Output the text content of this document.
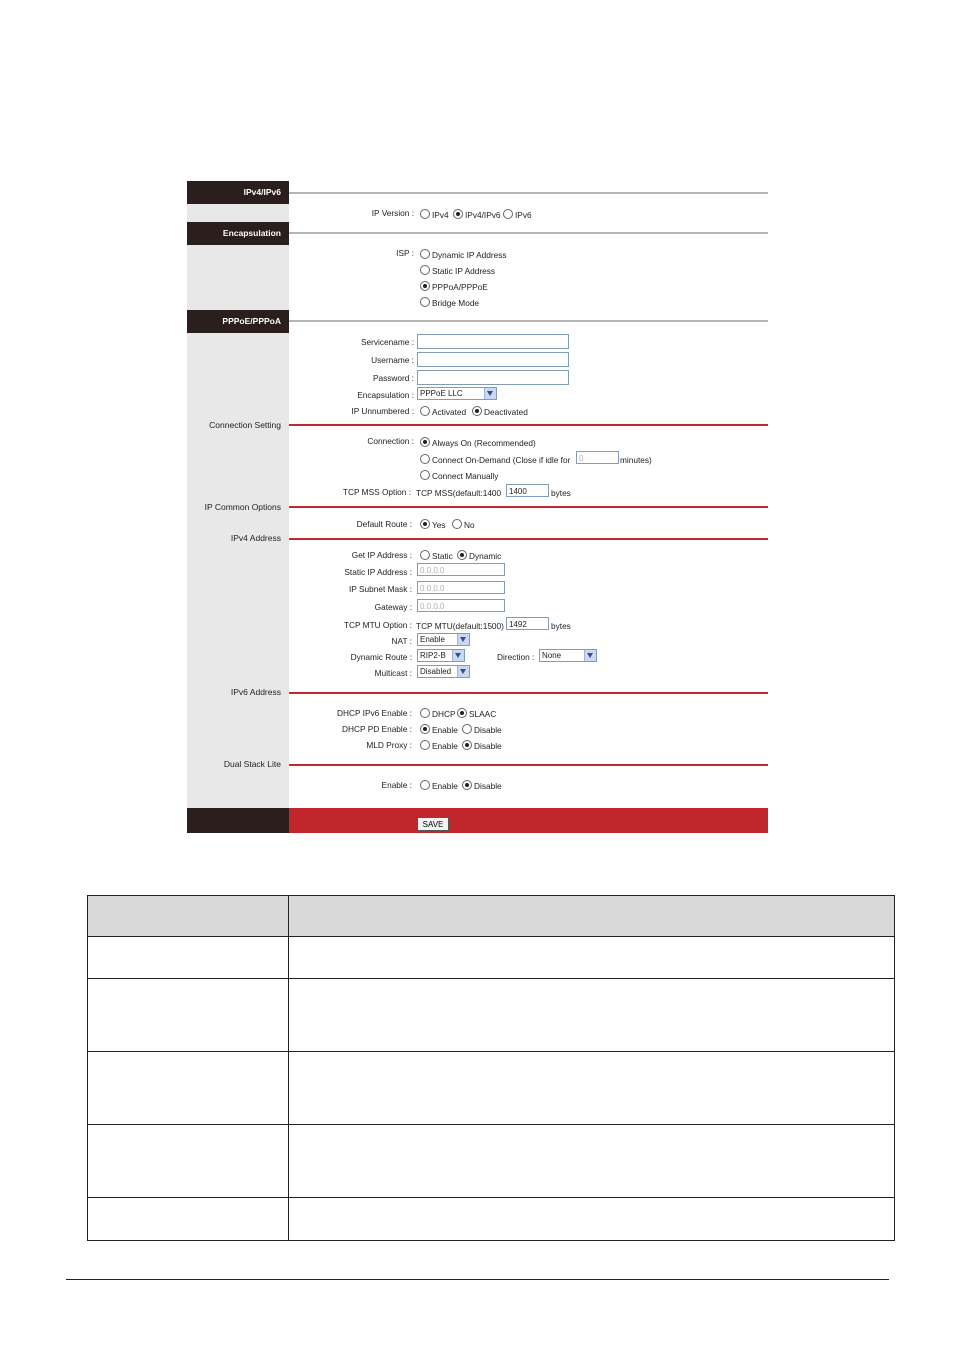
IPv4/IPv6
IP Version : IPv4 IPv4/IPv6 IPv6
Encapsulation
ISP : Dynamic IP Address
Static IP Address
PPPoA/PPPoE
Bridge Mode
PPPoE/PPPoA
Servicename :
Username :
Password :
Encapsulation : PPPoE LLC
IP Unnumbered : Activated Deactivated
Connection Setting
Connection : Always On (Recommended)
Connect On-Demand (Close if idle for	0	minutes)
Connect Manually
TCP MSS Option : TCP MSS(default:1400 1400	bytes
IP Common Options
Default Route : Yes No
IPv4 Address
Get IP Address : Static Dynamic
Static IP Address :	0.0.0.0
IP Subnet Mask :	0.0.0.0
Gateway :	0.0.0.0
TCP MTU Option : TCP MTU(default:1500) 1492	bytes
NAT :	Enable
Dynamic Route :	RIP2-B	Direction : None
Multicast :	Disabled
IPv6 Address
DHCP IPv6 Enable : DHCP SLAAC
DHCP PD Enable : Enable Disable
MLD Proxy : Enable Disable
Dual Stack Lite
Enable : Enable Disable
SAVE
